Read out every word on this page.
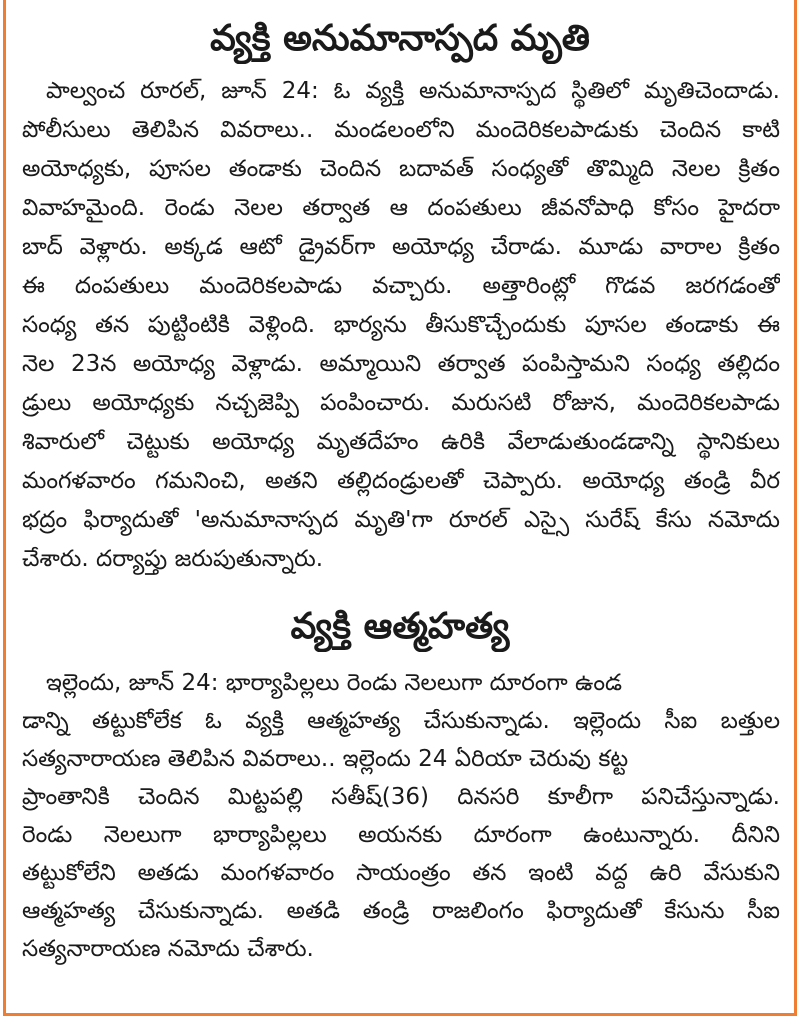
వ్యక్తి అనుమానాస్పద మృతి
పాల్వంచ రూరల్, జూన్ 24: ఓ వ్యక్తి అనుమానాస్పద స్థితిలో మృతిచెందాడు.
పోలీసులు తెలిపిన వివరాలు.. మండలంలోని మందెరికలపాడుకు చెందిన కాటి
అయోధ్యకు, పూసల తండాకు చెందిన బదావత్ సంధ్యతో తొమ్మిది నెలల క్రితం
వివాహమైంది. రెండు నెలల తర్వాత ఆ దంపతులు జీవనోపాధి కోసం హైదరా
బాద్ వెళ్లారు. అక్కడ ఆటో డ్రైవర్‌గా అయోధ్య చేరాడు. మూడు వారాల క్రితం
ఈ దంపతులు మందెరికలపాడు వచ్చారు. అత్తారింట్లో గొడవ జరగడంతో
సంధ్య తన పుట్టింటికి వెళ్లింది. భార్యను తీసుకొచ్చేందుకు పూసల తండాకు ఈ
నెల 23న అయోధ్య వెళ్లాడు. అమ్మాయిని తర్వాత పంపిస్తామని సంధ్య తల్లిదం
డ్రులు అయోధ్యకు నచ్చజెప్పి పంపించారు. మరుసటి రోజున, మందెరికలపాడు
శివారులో చెట్టుకు అయోధ్య మృతదేహం ఉరికి వేలాడుతుండడాన్ని స్థానికులు
మంగళవారం గమనించి, అతని తల్లిదండ్రులతో చెప్పారు. అయోధ్య తండ్రి వీర
భద్రం ఫిర్యాదుతో 'అనుమానాస్పద మృతి'గా రూరల్ ఎస్సై సురేష్ కేసు నమోదు
చేశారు. దర్యాప్తు జరుపుతున్నారు.
వ్యక్తి ఆత్మహత్య
ఇల్లెందు, జూన్ 24: భార్యాపిల్లలు రెండు నెలలుగా దూరంగా ఉండ
డాన్ని తట్టుకోలేక ఓ వ్యక్తి ఆత్మహత్య చేసుకున్నాడు. ఇల్లెందు సీఐ బత్తుల
సత్యనారాయణ తెలిపిన వివరాలు.. ఇల్లెందు 24 ఏరియా చెరువు కట్ట
ప్రాంతానికి చెందిన మిట్టపల్లి సతీష్(36) దినసరి కూలీగా పనిచేస్తున్నాడు.
రెండు నెలలుగా భార్యాపిల్లలు అయనకు దూరంగా ఉంటున్నారు. దీనిని
తట్టుకోలేని అతడు మంగళవారం సాయంత్రం తన ఇంటి వద్ద ఉరి వేసుకుని
ఆత్మహత్య చేసుకున్నాడు. అతడి తండ్రి రాజలింగం ఫిర్యాదుతో కేసును సీఐ
సత్యనారాయణ నమోదు చేశారు.
